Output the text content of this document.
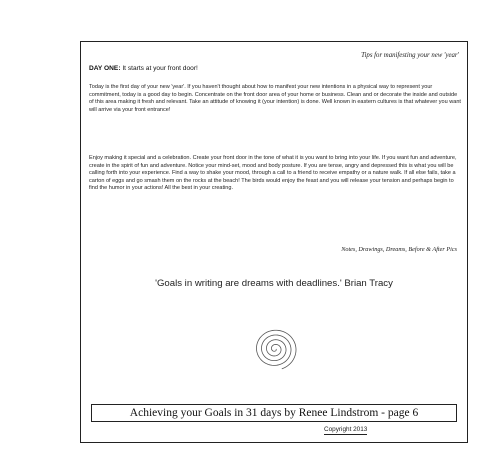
Tips for manifesting your new 'year'
DAY ONE: It starts at your front door!
Today is the first day of your new 'year'. If you haven't thought about how to manifest your new intentions in a physical way to represent your commitment, today is a good day to begin. Concentrate on the front door area of your home or business. Clean and or decorate the inside and outside of this area making it fresh and relevant. Take an attitude of knowing it (your intention) is done. Well known in eastern cultures is that whatever you want will arrive via your front entrance!
Enjoy making it special and a celebration. Create your front door in the tone of what it is you want to bring into your life. If you want fun and adventure, create in the spirit of fun and adventure. Notice your mind-set, mood and body posture. If you are tense, angry and depressed this is what you will be calling forth into your experience. Find a way to shake your mood, through a call to a friend to receive empathy or a nature walk. If all else fails, take a carton of eggs and go smash them on the rocks at the beach! The birds would enjoy the feast and you will release your tension and perhaps begin to find the humor in your actions! All the best in your creating.
Notes, Drawings, Dreams, Before & After Pics
'Goals in writing are dreams with deadlines.' Brian Tracy
Achieving your Goals in 31 days by Renee Lindstrom - page 6
Copyright 2013
